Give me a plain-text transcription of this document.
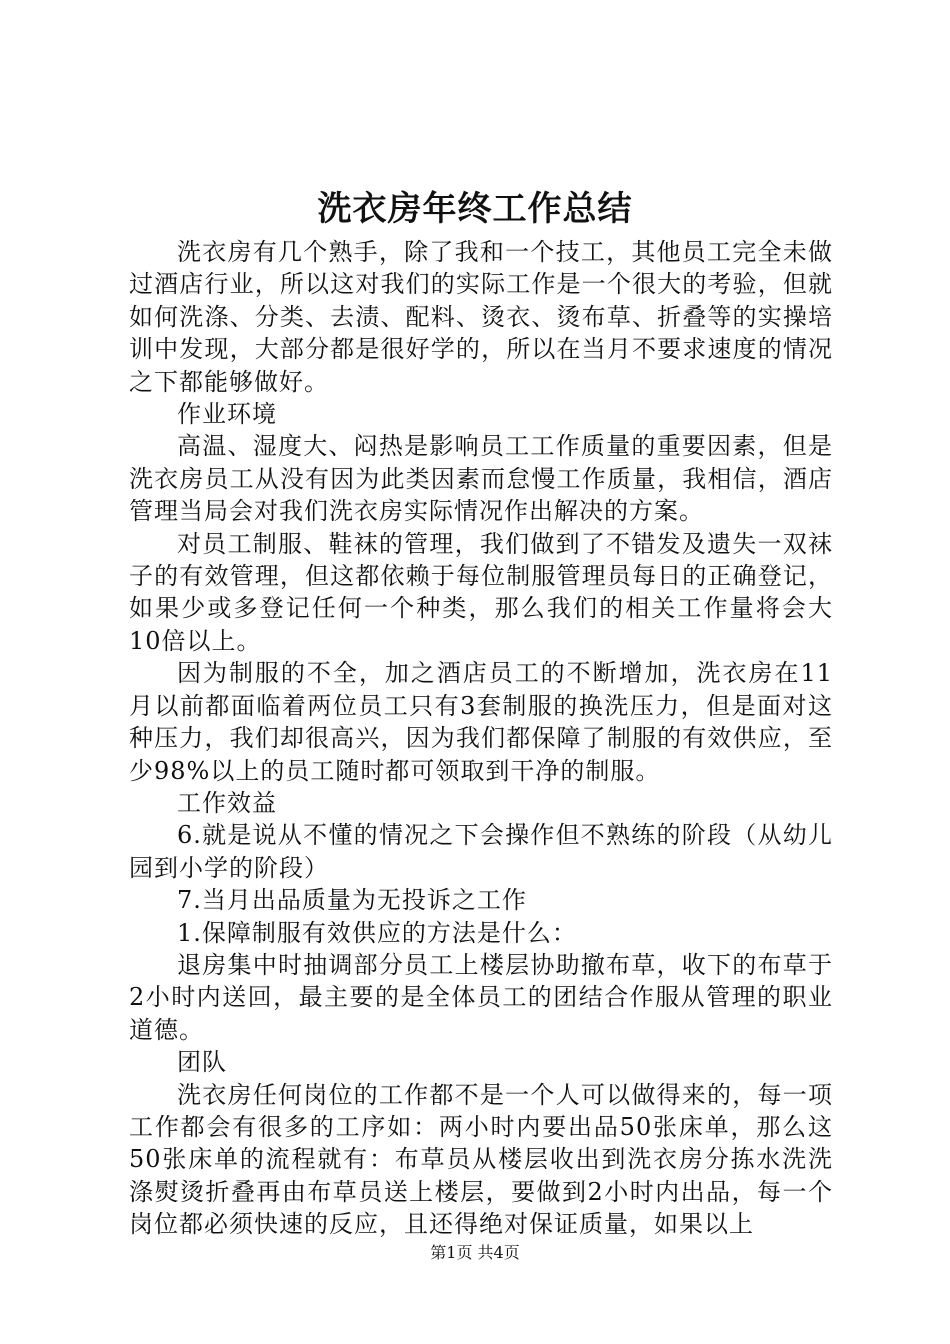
洗衣房年终工作总结

洗衣房有几个熟手，除了我和一个技工，其他员工完全未做过酒店行业，所以这对我们的实际工作是一个很大的考验，但就如何洗涤、分类、去渍、配料、烫衣、烫布草、折叠等的实操培训中发现，大部分都是很好学的，所以在当月不要求速度的情况之下都能够做好。

作业环境

高温、湿度大、闷热是影响员工工作质量的重要因素，但是洗衣房员工从没有因为此类因素而怠慢工作质量，我相信，酒店管理当局会对我们洗衣房实际情况作出解决的方案。

对员工制服、鞋袜的管理，我们做到了不错发及遗失一双袜子的有效管理，但这都依赖于每位制服管理员每日的正确登记，如果少或多登记任何一个种类，那么我们的相关工作量将会大10倍以上。

因为制服的不全，加之酒店员工的不断增加，洗衣房在11月以前都面临着两位员工只有3套制服的换洗压力，但是面对这种压力，我们却很高兴，因为我们都保障了制服的有效供应，至少98%以上的员工随时都可领取到干净的制服。

工作效益

6.就是说从不懂的情况之下会操作但不熟练的阶段（从幼儿园到小学的阶段）

7.当月出品质量为无投诉之工作

1.保障制服有效供应的方法是什么：

退房集中时抽调部分员工上楼层协助撤布草，收下的布草于2小时内送回，最主要的是全体员工的团结合作服从管理的职业道德。

团队

洗衣房任何岗位的工作都不是一个人可以做得来的，每一项工作都会有很多的工序如：两小时内要出品50张床单，那么这50张床单的流程就有：布草员从楼层收出到洗衣房分拣水洗洗涤熨烫折叠再由布草员送上楼层，要做到2小时内出品，每一个岗位都必须快速的反应，且还得绝对保证质量，如果以上

第1页 共4页
